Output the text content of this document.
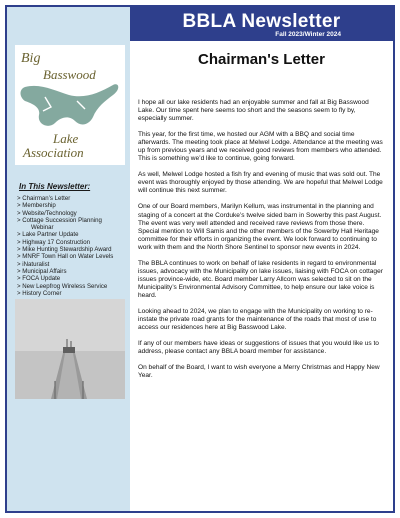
Big
Basswood
Lake
Association
In This Newsletter:
> Chairman’s Letter
> Membership
> Website/Technology
> Cottage Succession Planning
Webinar
> Lake Partner Update
> Highway 17 Construction
> Mike Hunting Stewardship Award
> MNRF Town Hall on Water Levels
> iNaturalist
> Municipal Affairs
> FOCA Update
> New Leepfrog Wireless Service
> History Corner
BBLA Newsletter
Fall 2023/Winter 2024
Chairman's Letter

I hope all our lake residents had an enjoyable summer and fall at Big Basswood Lake. Our time spent here seems too short and the seasons seem to fly by, especially summer.

This year, for the first time, we hosted our AGM with a BBQ and social time afterwards. The meeting took place at Melwel Lodge. Attendance at the meeting was up from previous years and we received good reviews from members who attended. This is something we’d like to continue, going forward.

As well, Melwel Lodge hosted a fish fry and evening of music that was sold out. The event was thoroughly enjoyed by those attending. We are hopeful that Melwel Lodge will continue this next summer.

One of our Board members, Marilyn Kellum, was instrumental in the planning and staging of a concert at the Corduke’s twelve sided barn in Sowerby this past August. The event was very well attended and received rave reviews from those there. Special mention to Will Samis and the other members of the Sowerby Hall Heritage committee for their efforts in organizing the event. We look forward to continuing to work with them and the North Shore Sentinel to sponsor new events in 2024.

The BBLA continues to work on behalf of lake residents in regard to environmental issues, advocacy with the Municipality on lake issues, liaising with FOCA on cottager issues province-wide, etc. Board member Larry Allcorn was selected to sit on the Municipality’s Environmental Advisory Committee, to help ensure our lake voice is heard.

Looking ahead to 2024, we plan to engage with the Municipality on working to re-instate the private road grants for the maintenance of the roads that most of use to access our residences here at Big Basswood Lake.

If any of our members have ideas or suggestions of issues that you would like us to address, please contact any BBLA board member for assistance.

On behalf of the Board, I want to wish everyone a Merry Christmas and Happy New Year.
